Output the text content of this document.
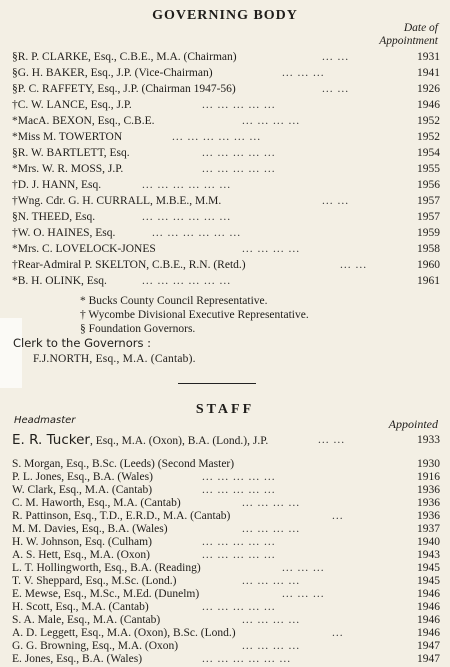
GOVERNING BODY
Date of
Appointment
§R. P. CLARKE, Esq., C.B.E., M.A. (Chairman)	... ...	1931
§G. H. BAKER, Esq., J.P. (Vice-Chairman)	... ... ...	1941
§P. C. RAFFETY, Esq., J.P. (Chairman 1947-56)	... ...	1926
†C. W. LANCE, Esq., J.P.	... ... ... ... ...	1946
*MacA. BEXON, Esq., C.B.E.	... ... ... ...	1952
*Miss M. TOWERTON	... ... ... ... ... ...	1952
§R. W. BARTLETT, Esq.	... ... ... ... ...	1954
*Mrs. W. R. MOSS, J.P.	... ... ... ... ...	1955
†D. J. HANN, Esq.	... ... ... ... ... ...	1956
†Wng. Cdr. G. H. CURRALL, M.B.E., M.M.	... ...	1957
§N. THEED, Esq.	... ... ... ... ... ...	1957
†W. O. HAINES, Esq.	... ... ... ... ... ...	1959
*Mrs. C. LOVELOCK-JONES	... ... ... ...	1958
†Rear-Admiral P. SKELTON, C.B.E., R.N. (Retd.)	... ...	1960
*B. H. OLINK, Esq.	... ... ... ... ... ...	1961
* Bucks County Council Representative.
† Wycombe Divisional Executive Representative.
§ Foundation Governors.
Clerk to the Governors :
F.J.NORTH, Esq., M.A. (Cantab).
STAFF
Headmaster	Appointed
E. R. Tucker, Esq., M.A. (Oxon), B.A. (Lond.), J.P.	... ...	1933
S. Morgan, Esq., B.Sc. (Leeds) (Second Master)	1930
P. L. Jones, Esq., B.A. (Wales)	... ... ... ... ...	1916
W. Clark, Esq., M.A. (Cantab)	... ... ... ... ...	1936
C. M. Haworth, Esq., M.A. (Cantab)	... ... ... ...	1936
R. Pattinson, Esq., T.D., E.R.D., M.A. (Cantab)	...	1936
M. M. Davies, Esq., B.A. (Wales)	... ... ... ...	1937
H. W. Johnson, Esq. (Culham)	... ... ... ... ...	1940
A. S. Hett, Esq., M.A. (Oxon)	... ... ... ... ...	1943
L. T. Hollingworth, Esq., B.A. (Reading)	... ... ...	1945
T. V. Sheppard, Esq., M.Sc. (Lond.)	... ... ... ...	1945
E. Mewse, Esq., M.Sc., M.Ed. (Dunelm)	... ... ...	1946
H. Scott, Esq., M.A. (Cantab)	... ... ... ... ...	1946
S. A. Male, Esq., M.A. (Cantab)	... ... ... ...	1946
A. D. Leggett, Esq., M.A. (Oxon), B.Sc. (Lond.)	...	1946
G. G. Browning, Esq., M.A. (Oxon)	... ... ... ...	1947
E. Jones, Esq., B.A. (Wales)	... ... ... ... ... ...	1947
